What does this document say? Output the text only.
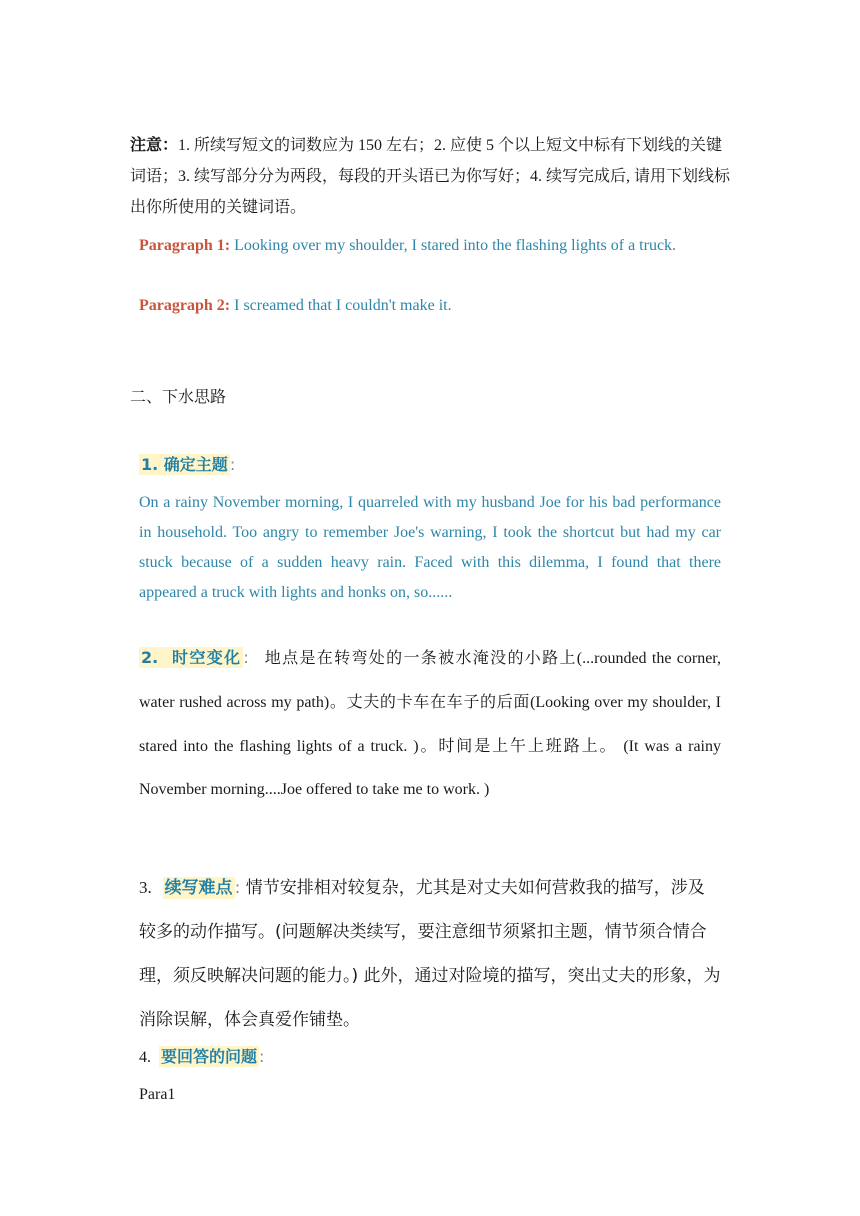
注意：1. 所续写短文的词数应为 150 左右；2. 应使 5 个以上短文中标有下划线的关键词语；3. 续写部分分为两段，每段的开头语已为你写好；4. 续写完成后, 请用下划线标出你所使用的关键词语。
Paragraph 1: Looking over my shoulder, I stared into the flashing lights of a truck.
Paragraph 2: I screamed that I couldn't make it.
二、下水思路
1. 确定主题 :
On a rainy November morning, I quarreled with my husband Joe for his bad performance in household. Too angry to remember Joe's warning, I took the shortcut but had my car stuck because of a sudden heavy rain. Faced with this dilemma, I found that there appeared a truck with lights and honks on, so......
2. 时空变化 : 地点是在转弯处的一条被水淹没的小路上(...rounded the corner, water rushed across my path)。丈夫的卡车在车子的后面(Looking over my shoulder, I stared into the flashing lights of a truck. )。时间是上午上班路上。 (It was a rainy November morning....Joe offered to take me to work. )
3. 续写难点 : 情节安排相对较复杂，尤其是对丈夫如何营救我的描写，涉及较多的动作描写。(问题解决类续写，要注意细节须紧扣主题，情节须合情合理，须反映解决问题的能力。) 此外，通过对险境的描写，突出丈夫的形象，为消除误解，体会真爱作铺垫。
4. 要回答的问题 :
Para1
